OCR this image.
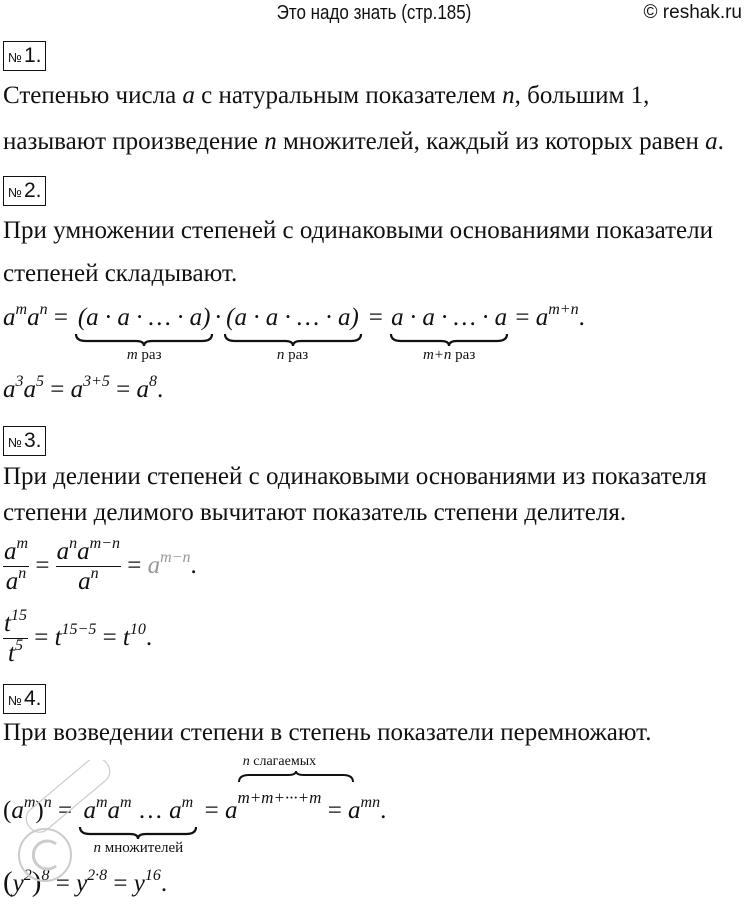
Это надо знать (стр.185)	© reshak.ru
№1.
Степенью числа a с натуральным показателем n, большим 1,
называют произведение n множителей, каждый из которых равен a.
№2.
При умножении степеней с одинаковыми основаниями показатели
степеней складывают.
$a^ma^n = (a \cdot a$ · … · a)
m раз
· (a · a · … · a)
n раз
= a · a · … · a
m+n раз
= $a^{m+n}$.
$a^3a^5 = a^{3+5} = a^8$.
№3.
При делении степеней с одинаковыми основаниями из показателя
степени делимого вычитают показатель степени делителя.
$\frac{a^m}{a^n} = \frac{a^na^{m-n}}{a^n} = a^{m-n}$.
$\frac{t^{15}}{t^5} = t^{15-5} = t^{10}$.
№4.
При возведении степени в степень показатели перемножают.
$(a^m)^n = a^ma^m$ … $a^m$
n множителей
= a
n слагаемых
$m+m+\cdot\cdot\cdot+m = a^{mn}$.
$(y^2)^8 = y^{2\cdot 8} = y^{16}$.
